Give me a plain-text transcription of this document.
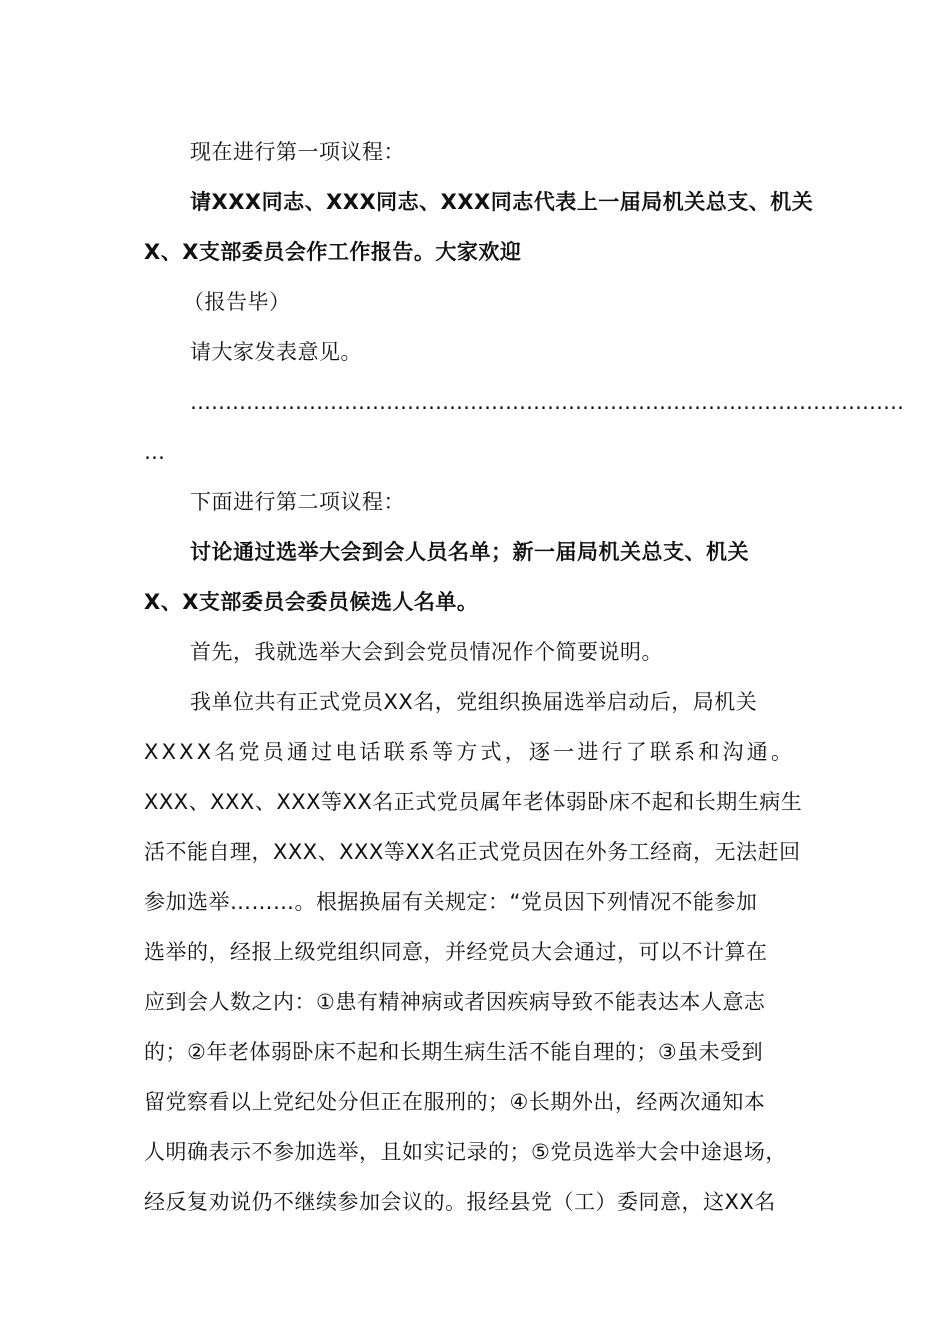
现在进行第一项议程：
请XXX同志、XXX同志、XXX同志代表上一届局机关总支、机关
X、X支部委员会作工作报告。大家欢迎
（报告毕）
请大家发表意见。
…………………………………………………………………………………………
…
下面进行第二项议程：
讨论通过选举大会到会人员名单；新一届局机关总支、机关
X、X支部委员会委员候选人名单。
首先，我就选举大会到会党员情况作个简要说明。
我单位共有正式党员XX名，党组织换届选举启动后，局机关
XXXX名党员通过电话联系等方式，逐一进行了联系和沟通。
XXX、XXX、XXX等XX名正式党员属年老体弱卧床不起和长期生病生
活不能自理，XXX、XXX等XX名正式党员因在外务工经商，无法赶回
参加选举………。根据换届有关规定：“党员因下列情况不能参加
选举的，经报上级党组织同意，并经党员大会通过，可以不计算在
应到会人数之内：①患有精神病或者因疾病导致不能表达本人意志
的；②年老体弱卧床不起和长期生病生活不能自理的；③虽未受到
留党察看以上党纪处分但正在服刑的；④长期外出，经两次通知本
人明确表示不参加选举，且如实记录的；⑤党员选举大会中途退场，
经反复劝说仍不继续参加会议的。报经县党（工）委同意，这XX名
